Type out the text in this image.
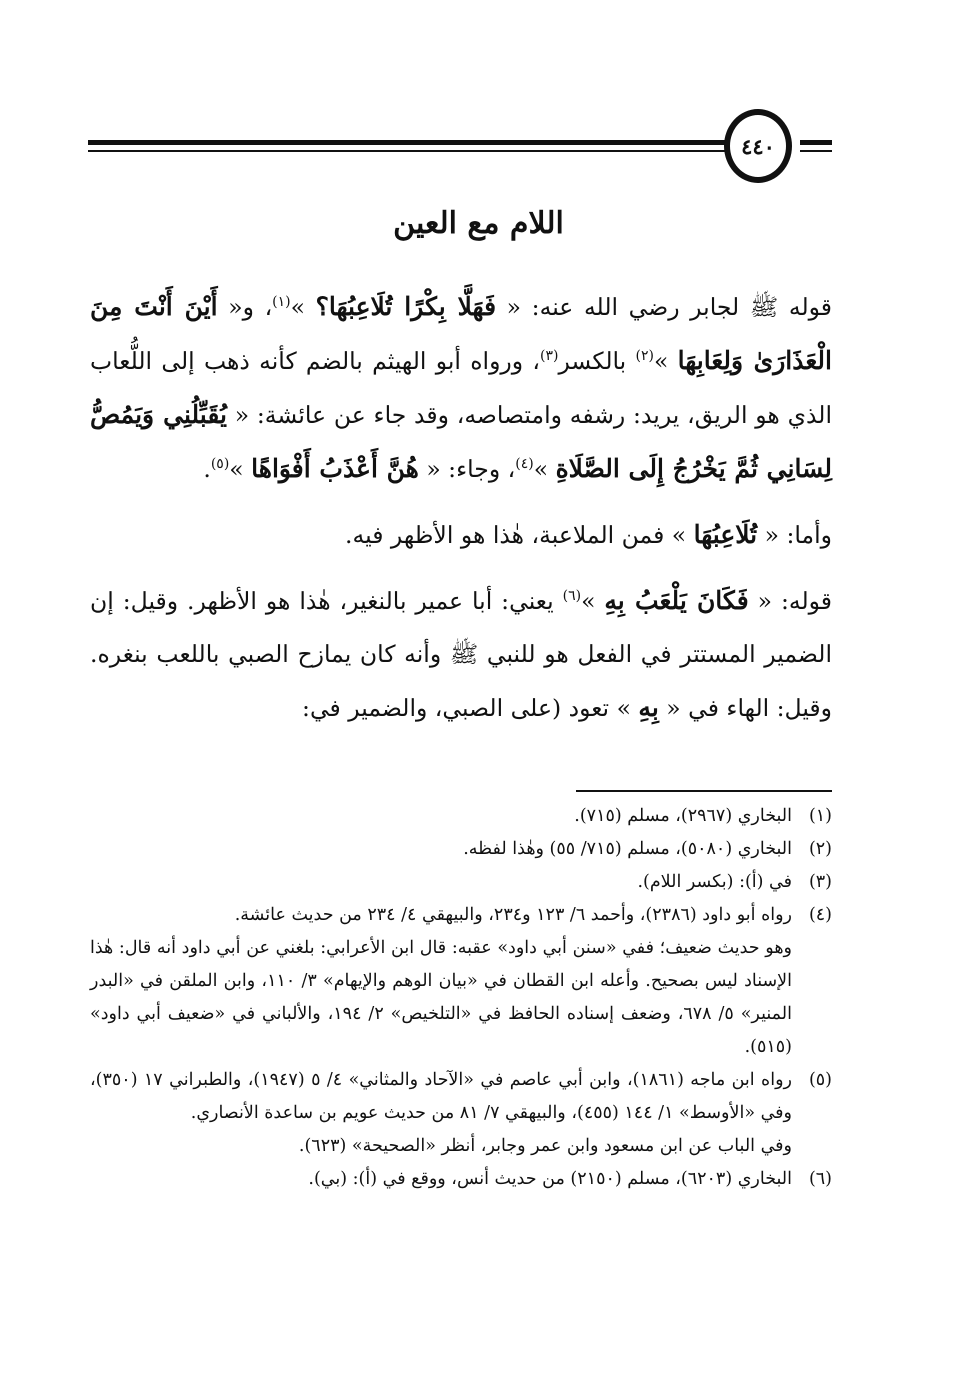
٤٤٠
اللام مع العين

قوله ﷺ لجابر رضي الله عنه: « فَهَلَّا بِكْرًا تُلَاعِبُهَا؟ »$^{(١)}$، و« أَيْنَ أَنْتَ مِنَ الْعَذَارَىٰ وَلِعَابِهَا »$^{(٢)}$ بالكسر$^{(٣)}$، ورواه أبو الهيثم بالضم كأنه ذهب إلى اللُّعاب الذي هو الريق، يريد: رشفه وامتصاصه، وقد جاء عن عائشة: « يُقَبِّلُنِي وَيَمُصُّ لِسَانِي ثُمَّ يَخْرُجُ إِلَى الصَّلَاةِ »$^{(٤)}$، وجاء: « هُنَّ أَعْذَبُ أَفْوَاهًا »$^{(٥)}$.

وأما: « تُلَاعِبُهَا » فمن الملاعبة، هٰذا هو الأظهر فيه.

قوله: « فَكَانَ يَلْعَبُ بِهِ »$^{(٦)}$ يعني: أبا عمير بالنغير، هٰذا هو الأظهر. وقيل: إن الضمير المستتر في الفعل هو للنبي ﷺ وأنه كان يمازح الصبي باللعب بنغره. وقيل: الهاء في « بِهِ » تعود (على الصبي، والضمير في:

(١)
البخاري (٢٩٦٧)، مسلم (٧١٥).
(٢)
البخاري (٥٠٨٠)، مسلم (٧١٥/ ٥٥) وهٰذا لفظه.
(٣)
في (أ): (بكسر اللام).
(٤)
رواه أبو داود (٢٣٨٦)، وأحمد ٦/ ١٢٣ و٢٣٤، والبيهقي ٤/ ٢٣٤ من حديث عائشة.
وهو حديث ضعيف؛ ففي «سنن أبي داود» عقبه: قال ابن الأعرابي: بلغني عن أبي داود أنه قال: هٰذا الإسناد ليس بصحيح. وأعله ابن القطان في «بيان الوهم والإيهام» ٣/ ١١٠، وابن الملقن في «البدر المنير» ٥/ ٦٧٨، وضعف إسناده الحافظ في «التلخيص» ٢/ ١٩٤، والألباني في «ضعيف أبي داود» (٥١٥).
(٥)
رواه ابن ماجه (١٨٦١)، وابن أبي عاصم في «الآحاد والمثاني» ٤/ ٥ (١٩٤٧)، والطبراني ١٧ (٣٥٠)، وفي «الأوسط» ١/ ١٤٤ (٤٥٥)، والبيهقي ٧/ ٨١ من حديث عويم بن ساعدة الأنصاري.
وفي الباب عن ابن مسعود وابن عمر وجابر، أنظر «الصحيحة» (٦٢٣).
(٦)
البخاري (٦٢٠٣)، مسلم (٢١٥٠) من حديث أنس، ووقع في (أ): (بي).
